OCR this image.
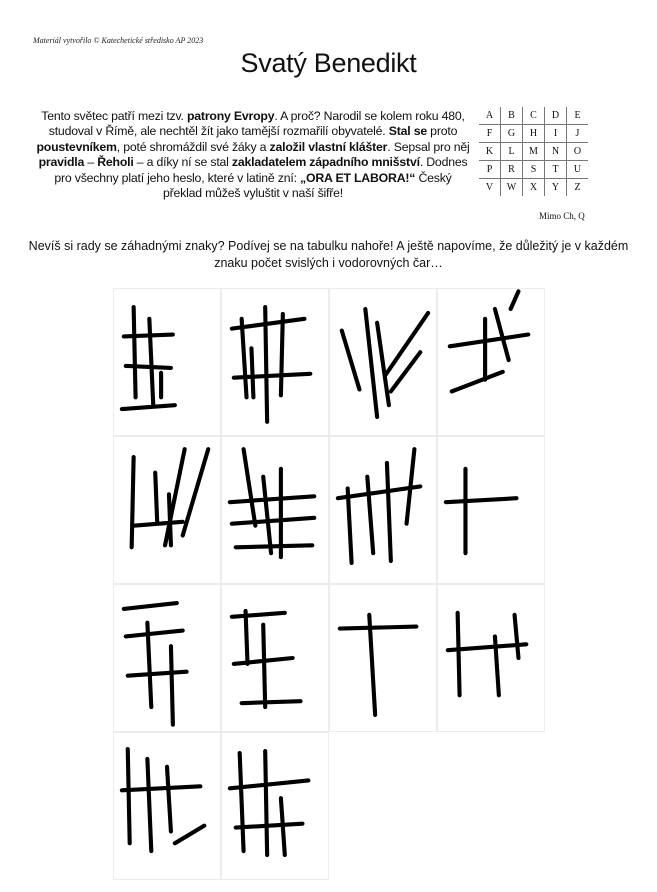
Materiál vytvořilo © Katechetické středisko AP 2023
Svatý Benedikt
Tento světec patří mezi tzv. patrony Evropy. A proč? Narodil se kolem roku 480, studoval v Římě, ale nechtěl žít jako tamější rozmařilí obyvatelé. Stal se proto poustevníkem, poté shromáždil své žáky a založil vlastní klášter. Sepsal pro něj pravidla – Řeholi – a díky ní se stal zakladatelem západního mnišství. Dodnes pro všechny platí jeho heslo, které v latině zní: „ORA ET LABORA!“ Český překlad můžeš vyluštit v naší šifře!
A	B	C	D	E
F	G	H	I	J
K	L	M	N	O
P	R	S	T	U
V	W	X	Y	Z
Mimo Ch, Q
Nevíš si rady se záhadnými znaky? Podívej se na tabulku nahoře! A ještě napovíme, že důležitý je v každém znaku počet svislých i vodorovných čar…
